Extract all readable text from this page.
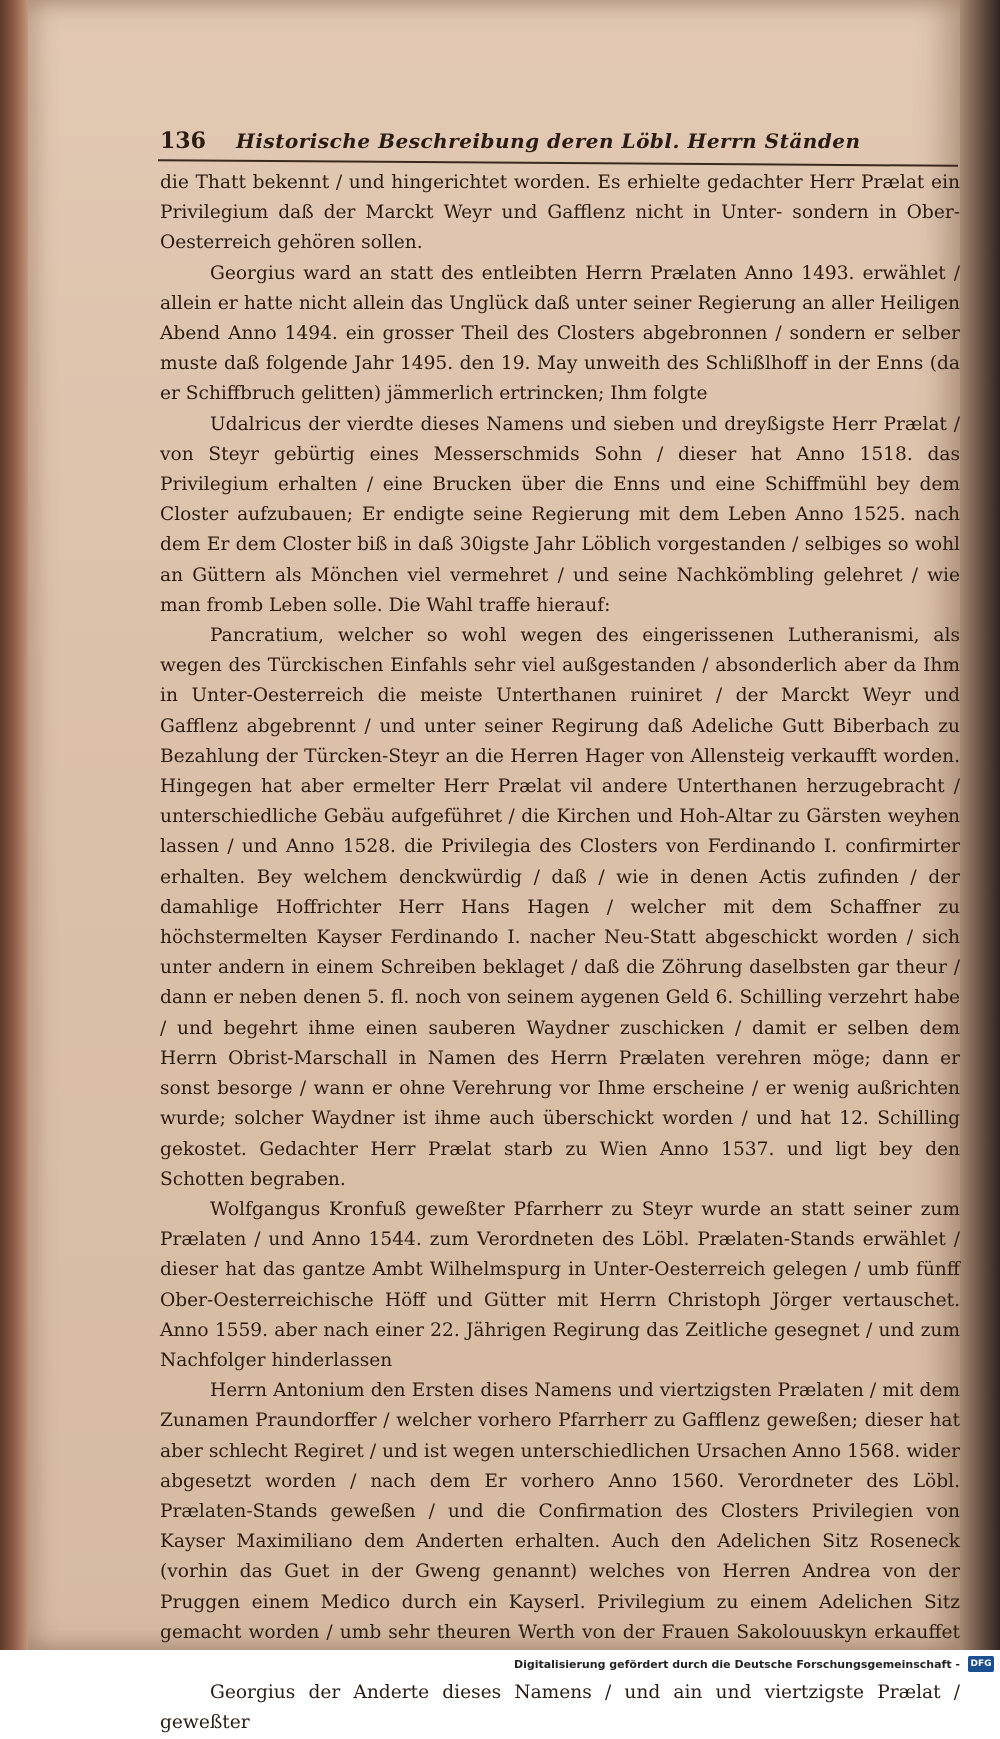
136 Historische Beschreibung deren Löbl. Herrn Ständen

die Thatt bekennt / und hingerichtet worden. Es erhielte gedachter Herr Prælat ein Privilegium daß der Marckt Weyr und Gafflenz nicht in Unter- sondern in Ober-Oesterreich gehören sollen.

Georgius ward an statt des entleibten Herrn Prælaten Anno 1493. erwählet / allein er hatte nicht allein das Unglück daß unter seiner Regierung an aller Heiligen Abend Anno 1494. ein grosser Theil des Closters abgebronnen / sondern er selber muste daß folgende Jahr 1495. den 19. May unweith des Schlißlhoff in der Enns (da er Schiffbruch gelitten) jämmerlich ertrincken; Ihm folgte

Udalricus der vierdte dieses Namens und sieben und dreyßigste Herr Prælat / von Steyr gebürtig eines Messerschmids Sohn / dieser hat Anno 1518. das Privilegium erhalten / eine Brucken über die Enns und eine Schiffmühl bey dem Closter aufzubauen; Er endigte seine Regierung mit dem Leben Anno 1525. nach dem Er dem Closter biß in daß 30igste Jahr Löblich vorgestanden / selbiges so wohl an Güttern als Mönchen viel vermehret / und seine Nachkömbling gelehret / wie man fromb Leben solle. Die Wahl traffe hierauf:

Pancratium, welcher so wohl wegen des eingerissenen Lutheranismi, als wegen des Türckischen Einfahls sehr viel außgestanden / absonderlich aber da Ihm in Unter-Oesterreich die meiste Unterthanen ruiniret / der Marckt Weyr und Gafflenz abgebrennt / und unter seiner Regirung daß Adeliche Gutt Biberbach zu Bezahlung der Türcken-Steyr an die Herren Hager von Allensteig verkaufft worden. Hingegen hat aber ermelter Herr Prælat vil andere Unterthanen herzugebracht / unterschiedliche Gebäu aufgeführet / die Kirchen und Hoh-Altar zu Gärsten weyhen lassen / und Anno 1528. die Privilegia des Closters von Ferdinando I. confirmirter erhalten. Bey welchem denckwürdig / daß / wie in denen Actis zufinden / der damahlige Hoffrichter Herr Hans Hagen / welcher mit dem Schaffner zu höchstermelten Kayser Ferdinando I. nacher Neu-Statt abgeschickt worden / sich unter andern in einem Schreiben beklaget / daß die Zöhrung daselbsten gar theur / dann er neben denen 5. fl. noch von seinem aygenen Geld 6. Schilling verzehrt habe / und begehrt ihme einen sauberen Waydner zuschicken / damit er selben dem Herrn Obrist-Marschall in Namen des Herrn Prælaten verehren möge; dann er sonst besorge / wann er ohne Verehrung vor Ihme erscheine / er wenig außrichten wurde; solcher Waydner ist ihme auch überschickt worden / und hat 12. Schilling gekostet. Gedachter Herr Prælat starb zu Wien Anno 1537. und ligt bey den Schotten begraben.

Wolfgangus Kronfuß geweßter Pfarrherr zu Steyr wurde an statt seiner zum Prælaten / und Anno 1544. zum Verordneten des Löbl. Prælaten-Stands erwählet / dieser hat das gantze Ambt Wilhelmspurg in Unter-Oesterreich gelegen / umb fünff Ober-Oesterreichische Höff und Gütter mit Herrn Christoph Jörger vertauschet. Anno 1559. aber nach einer 22. Jährigen Regirung das Zeitliche gesegnet / und zum Nachfolger hinderlassen

Herrn Antonium den Ersten dises Namens und viertzigsten Prælaten / mit dem Zunamen Praundorffer / welcher vorhero Pfarrherr zu Gafflenz geweßen; dieser hat aber schlecht Regiret / und ist wegen unterschiedlichen Ursachen Anno 1568. wider abgesetzt worden / nach dem Er vorhero Anno 1560. Verordneter des Löbl. Prælaten-Stands geweßen / und die Confirmation des Closters Privilegien von Kayser Maximiliano dem Anderten erhalten. Auch den Adelichen Sitz Roseneck (vorhin das Guet in der Gweng genannt) welches von Herren Andrea von der Pruggen einem Medico durch ein Kayserl. Privilegium zu einem Adelichen Sitz gemacht worden / umb sehr theuren Werth von der Frauen Sakolouuskyn erkauffet

Georgius der Anderte dieses Namens / und ain und viertzigste Prælat / geweßter

Digitalisierung gefördert durch die Deutsche Forschungsgemeinschaft - DFG
